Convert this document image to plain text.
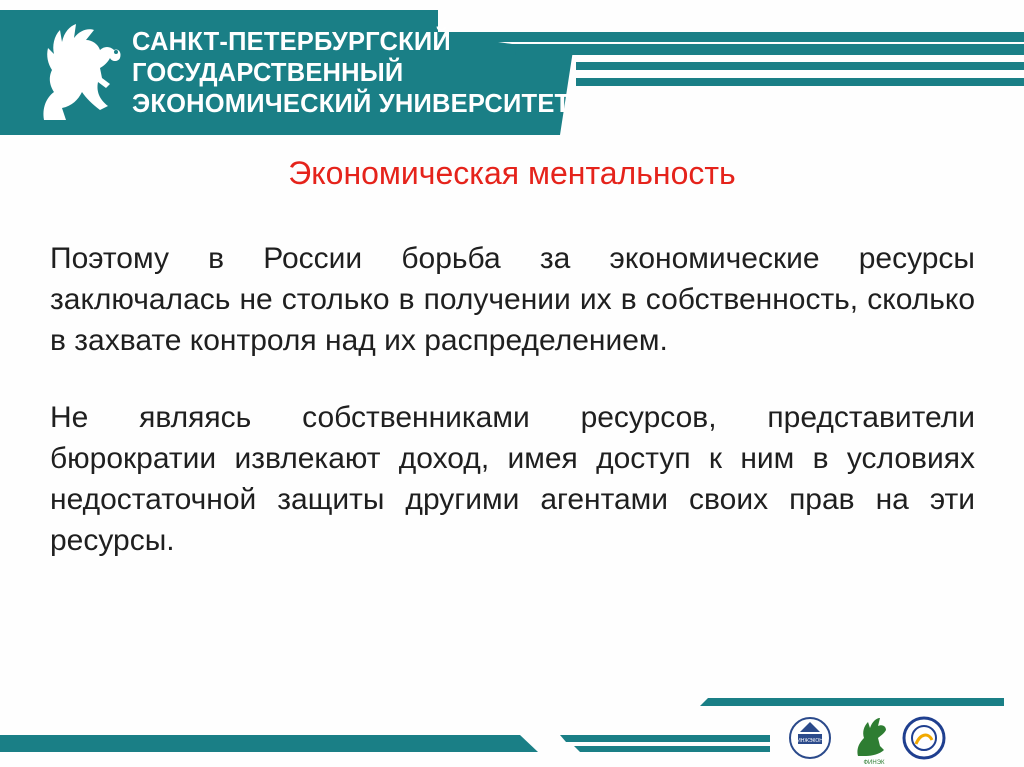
САНКТ-ПЕТЕРБУРГСКИЙ
ГОСУДАРСТВЕННЫЙ
ЭКОНОМИЧЕСКИЙ УНИВЕРСИТЕТ
Экономическая ментальность

Поэтому в России борьба за экономические ресурсы заключалась не столько в получении их в собственность, сколько в захвате контроля над их распределением.

Не являясь собственниками ресурсов, представители бюрократии извлекают доход, имея доступ к ним в условиях недостаточной защиты другими агентами своих прав на эти ресурсы.

ИНЖЭКОН
ФИНЭК
